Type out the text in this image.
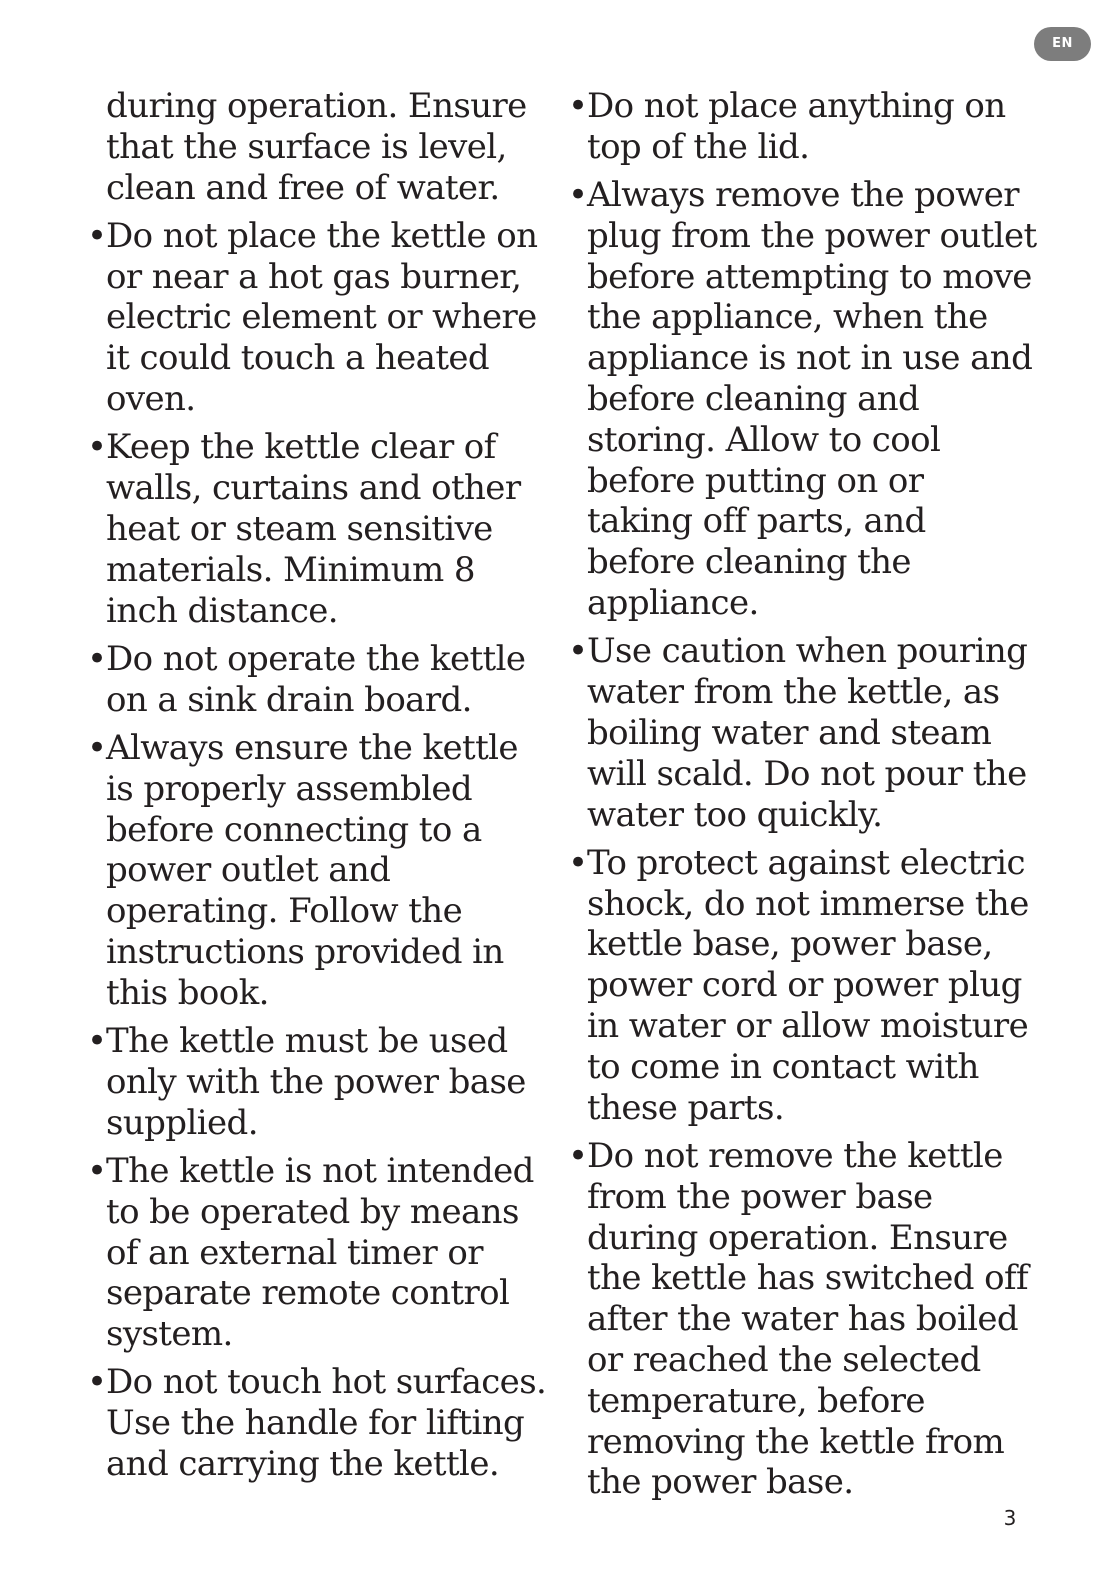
EN
during operation. Ensure that the surface is level, clean and free of water.
• Do not place the kettle on or near a hot gas burner, electric element or where it could touch a heated oven.
• Keep the kettle clear of walls, curtains and other heat or steam sensitive materials. Minimum 8 inch distance.
• Do not operate the kettle on a sink drain board.
• Always ensure the kettle is properly assembled before connecting to a power outlet and operating. Follow the instructions provided in this book.
• The kettle must be used only with the power base supplied.
• The kettle is not intended to be operated by means of an external timer or separate remote control system.
• Do not touch hot surfaces. Use the handle for lifting and carrying the kettle.
• Do not place anything on top of the lid.
• Always remove the power plug from the power outlet before attempting to move the appliance, when the appliance is not in use and before cleaning and storing. Allow to cool before putting on or taking off parts, and before cleaning the appliance.
• Use caution when pouring water from the kettle, as boiling water and steam will scald. Do not pour the water too quickly.
• To protect against electric shock, do not immerse the kettle base, power base, power cord or power plug in water or allow moisture to come in contact with these parts.
• Do not remove the kettle from the power base during operation. Ensure the kettle has switched off after the water has boiled or reached the selected temperature, before removing the kettle from the power base.
3
